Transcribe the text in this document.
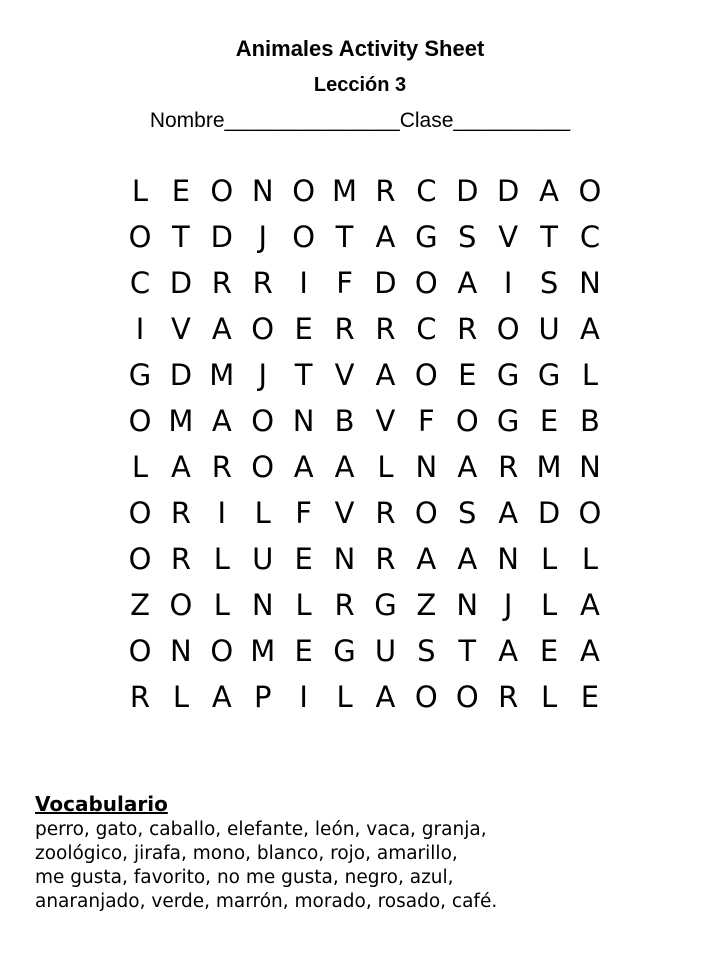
Animales Activity Sheet
Lección 3
Nombre_______________Clase__________
L E O N O M R C D D A O
O T D J O T A G S V T C
C D R R I F D O A I S N
I V A O E R R C R O U A
G D M J T V A O E G G L
O M A O N B V F O G E B
L A R O A A L N A R M N
O R I L F V R O S A D O
O R L U E N R A A N L L
Z O L N L R G Z N J L A
O N O M E G U S T A E A
R L A P I L A O O R L E
Vocabulario
perro, gato, caballo, elefante, león, vaca, granja,
zoológico, jirafa, mono, blanco, rojo, amarillo,
me gusta, favorito, no me gusta, negro, azul,
anaranjado, verde, marrón, morado, rosado, café.
